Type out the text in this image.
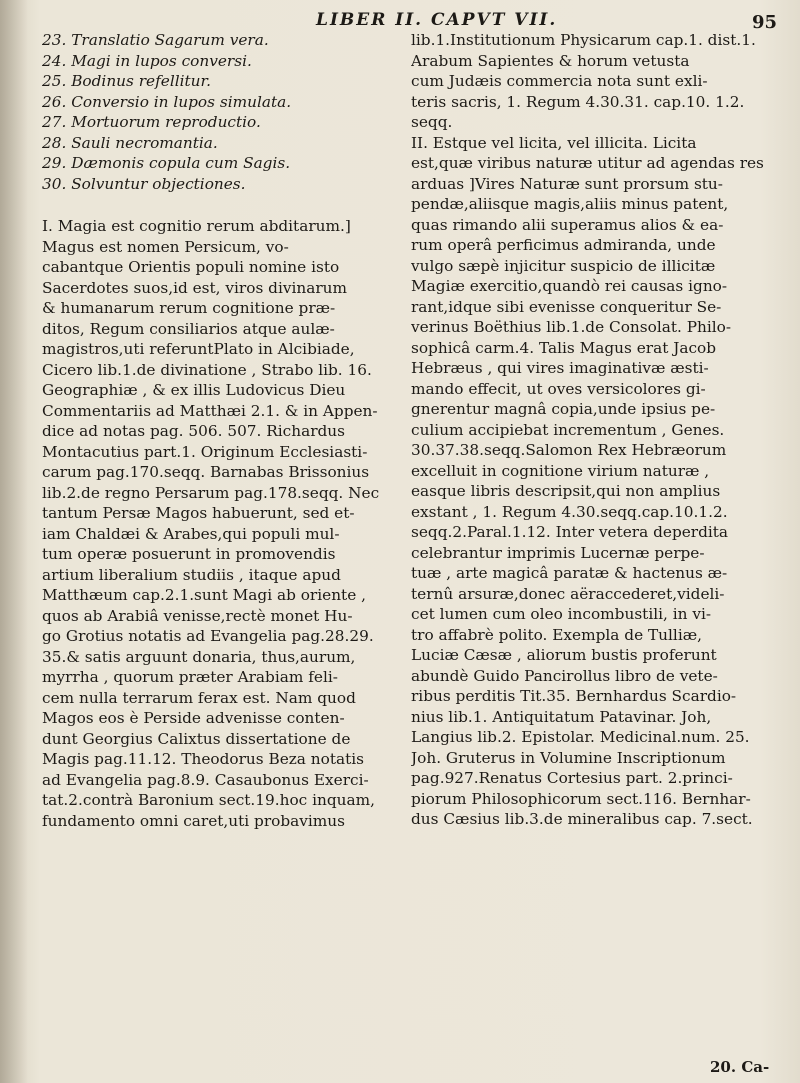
LIBER II. CAPVT VII.	95
23. Translatio Sagarum vera.
24. Magi in lupos conversi.
25. Bodinus refellitur.
26. Conversio in lupos simulata.
27. Mortuorum reproductio.
28. Sauli necromantia.
29. Dæmonis copula cum Sagis.
30. Solvuntur objectiones.
I. Magia est cognitio rerum abditarum.]
Magus est nomen Persicum, vo-
cabantque Orientis populi nomine isto
Sacerdotes suos,id est, viros divinarum
& humanarum rerum cognitione præ-
ditos, Regum consiliarios atque aulæ-
magistros,uti referuntPlato in Alcibiade,
Cicero lib.1.de divinatione , Strabo lib. 16.
Geographiæ , & ex illis Ludovicus Dieu
Commentariis ad Matthæi 2.1. & in Appen-
dice ad notas pag. 506. 507. Richardus
Montacutius part.1. Originum Ecclesiasti-
carum pag.170.seqq. Barnabas Brissonius
lib.2.de regno Persarum pag.178.seqq. Nec
tantum Persæ Magos habuerunt, sed et-
iam Chaldæi & Arabes,qui populi mul-
tum operæ posuerunt in promovendis
artium liberalium studiis , itaque apud
Matthæum cap.2.1.sunt Magi ab oriente ,
quos ab Arabiâ venisse,rectè monet Hu-
go Grotius notatis ad Evangelia pag.28.29.
35.& satis arguunt donaria, thus,aurum,
myrrha , quorum præter Arabiam feli-
cem nulla terrarum ferax est. Nam quod
Magos eos è Perside advenisse conten-
dunt Georgius Calixtus dissertatione de
Magis pag.11.12. Theodorus Beza notatis
ad Evangelia pag.8.9. Casaubonus Exerci-
tat.2.contrà Baronium sect.19.hoc inquam,
fundamento omni caret,uti probavimus
lib.1.Institutionum Physicarum cap.1. dist.1.
Arabum Sapientes & horum vetusta
cum Judæis commercia nota sunt exli-
teris sacris, 1. Regum 4.30.31. cap.10. 1.2.
seqq.
II. Estque vel licita, vel illicita. Licita
est,quæ viribus naturæ utitur ad agendas res
arduas ]Vires Naturæ sunt prorsum stu-
pendæ,aliisque magis,aliis minus patent,
quas rimando alii superamus alios & ea-
rum operâ perficimus admiranda, unde
vulgo sæpè injicitur suspicio de illicitæ
Magiæ exercitio,quandò rei causas igno-
rant,idque sibi evenisse conqueritur Se-
verinus Boëthius lib.1.de Consolat. Philo-
sophicâ carm.4. Talis Magus erat Jacob
Hebræus , qui vires imaginativæ æsti-
mando effecit, ut oves versicolores gi-
gnerentur magnâ copia,unde ipsius pe-
culium accipiebat incrementum , Genes.
30.37.38.seqq.Salomon Rex Hebræorum
excelluit in cognitione virium naturæ ,
easque libris descripsit,qui non amplius
exstant , 1. Regum 4.30.seqq.cap.10.1.2.
seqq.2.Paral.1.12. Inter vetera deperdita
celebrantur imprimis Lucernæ perpe-
tuæ , arte magicâ paratæ & hactenus æ-
ternû arsuræ,donec aëraccederet,videli-
cet lumen cum oleo incombustili, in vi-
tro affabrè polito. Exempla de Tulliæ,
Luciæ Cæsæ , aliorum bustis proferunt
abundè Guido Pancirollus libro de vete-
ribus perditis Tit.35. Bernhardus Scardio-
nius lib.1. Antiquitatum Patavinar. Joh,
Langius lib.2. Epistolar. Medicinal.num. 25.
Joh. Gruterus in Volumine Inscriptionum
pag.927.Renatus Cortesius part. 2.princi-
piorum Philosophicorum sect.116. Bernhar-
dus Cæsius lib.3.de mineralibus cap. 7.sect.
20. Ca-
